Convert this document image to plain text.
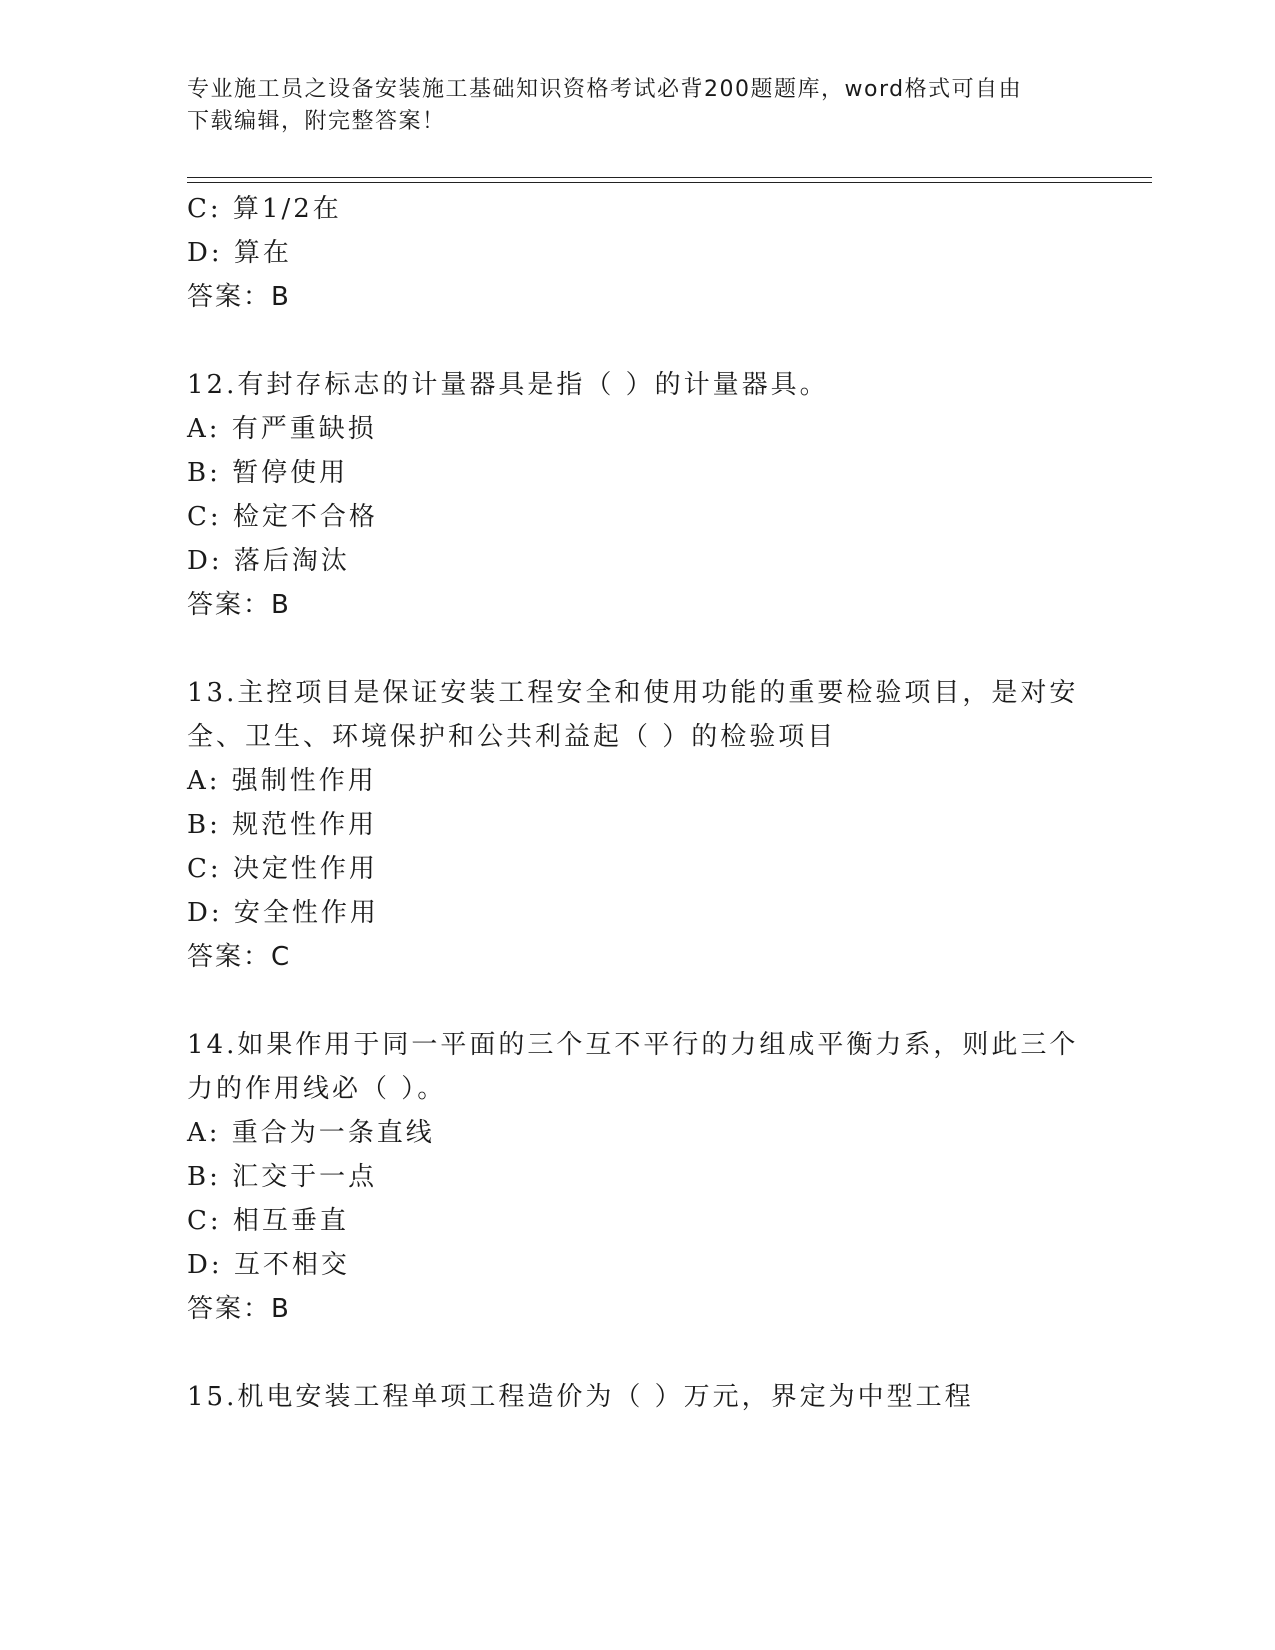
专业施工员之设备安装施工基础知识资格考试必背200题题库，word格式可自由
下载编辑，附完整答案！
C: 算1/2在
D: 算在
答案：B
12.有封存标志的计量器具是指（ ）的计量器具。
A: 有严重缺损
B: 暂停使用
C: 检定不合格
D: 落后淘汰
答案：B
13.主控项目是保证安装工程安全和使用功能的重要检验项目，是对安
全、卫生、环境保护和公共利益起（ ）的检验项目
A: 强制性作用
B: 规范性作用
C: 决定性作用
D: 安全性作用
答案：C
14.如果作用于同一平面的三个互不平行的力组成平衡力系，则此三个
力的作用线必（ ）。
A: 重合为一条直线
B: 汇交于一点
C: 相互垂直
D: 互不相交
答案：B
15.机电安装工程单项工程造价为（ ）万元，界定为中型工程
